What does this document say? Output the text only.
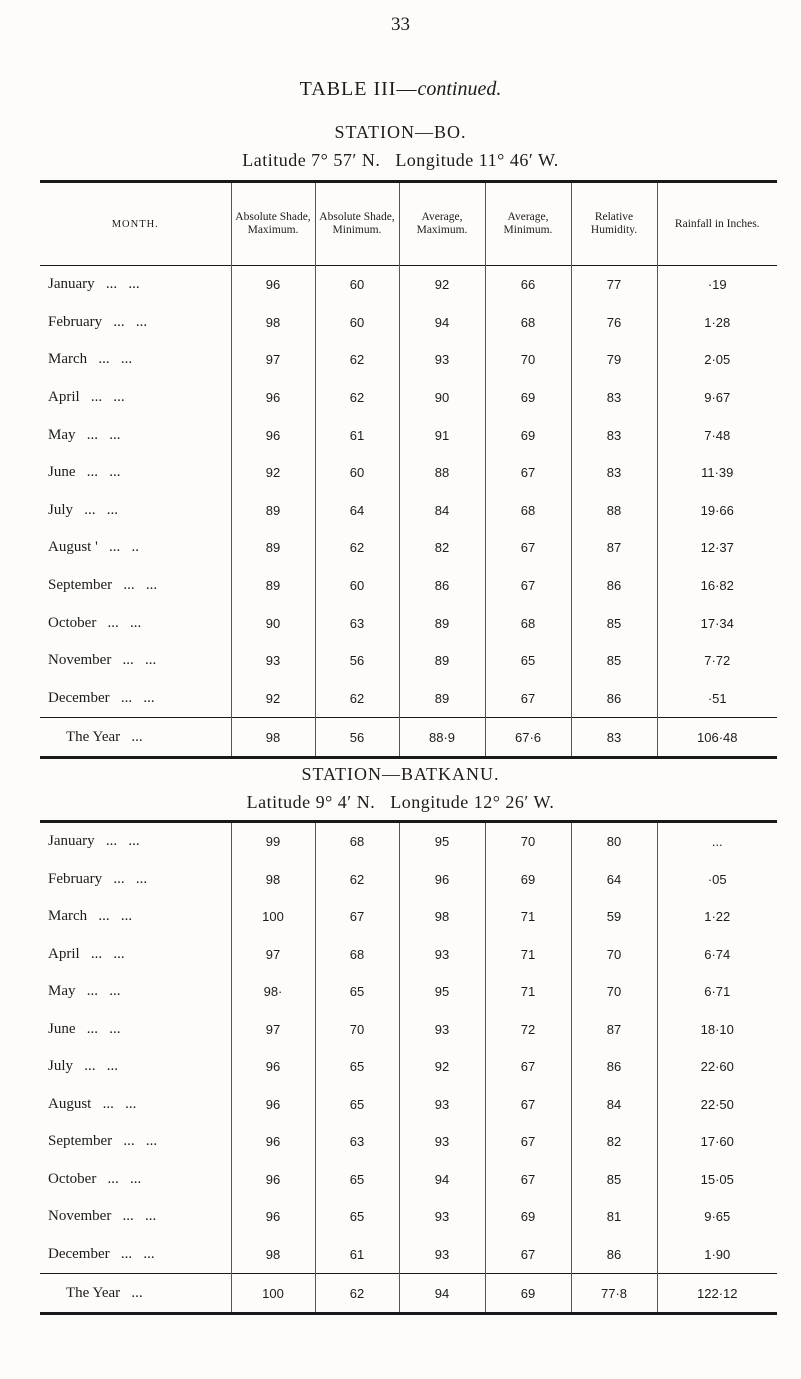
33
TABLE III—continued.
STATION—BO.
Latitude 7° 57′ N.   Longitude 11° 46′ W.
MONTH.	Absolute Shade, Maximum.	Absolute Shade, Minimum.	Average, Maximum.	Average, Minimum.	Relative Humidity.	Rainfall in Inches.
January   ...   ...	96	60	92	66	77	·19
February   ...   ...	98	60	94	68	76	1·28
March   ...   ...	97	62	93	70	79	2·05
April   ...   ...	96	62	90	69	83	9·67
May   ...   ...	96	61	91	69	83	7·48
June   ...   ...	92	60	88	67	83	11·39
July   ...   ...	89	64	84	68	88	19·66
August '   ...   ..	89	62	82	67	87	12·37
September   ...   ...	89	60	86	67	86	16·82
October   ...   ...	90	63	89	68	85	17·34
November   ...   ...	93	56	89	65	85	7·72
December   ...   ...	92	62	89	67	86	·51
The Year   ...	98	56	88·9	67·6	83	106·48
STATION—BATKANU.
Latitude 9° 4′ N.   Longitude 12° 26′ W.
January   ...   ...	99	68	95	70	80	...
February   ...   ...	98	62	96	69	64	·05
March   ...   ...	100	67	98	71	59	1·22
April   ...   ...	97	68	93	71	70	6·74
May   ...   ...	98·	65	95	71	70	6·71
June   ...   ...	97	70	93	72	87	18·10
July   ...   ...	96	65	92	67	86	22·60
August   ...   ...	96	65	93	67	84	22·50
September   ...   ...	96	63	93	67	82	17·60
October   ...   ...	96	65	94	67	85	15·05
November   ...   ...	96	65	93	69	81	9·65
December   ...   ...	98	61	93	67	86	1·90
The Year   ...	100	62	94	69	77·8	122·12
